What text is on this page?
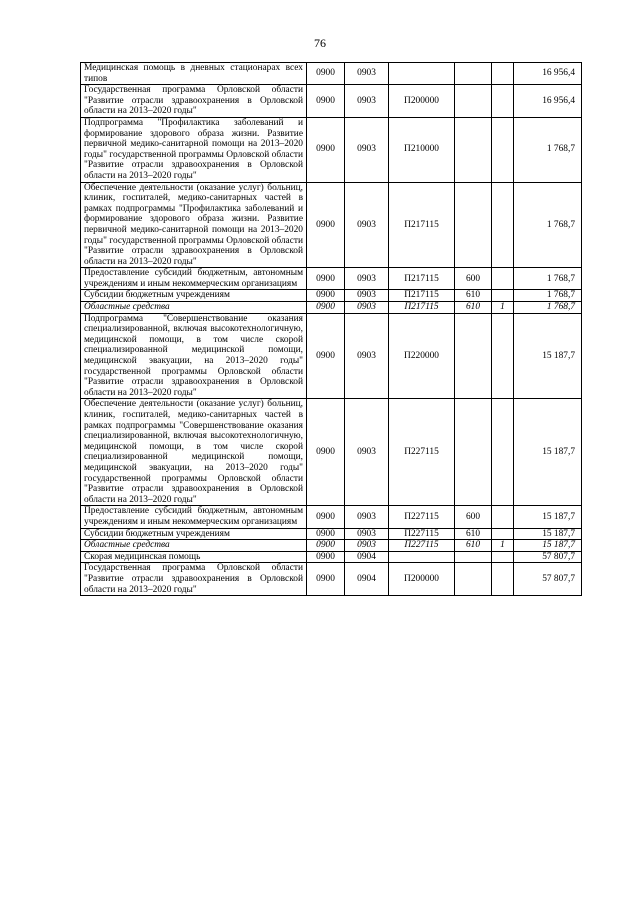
76
Медицинская помощь в дневных стационарах всех типов	0900	0903				16 956,4
Государственная программа Орловской области "Развитие отрасли здравоохранения в Орловской области на 2013–2020 годы"	0900	0903	П200000			16 956,4
Подпрограмма "Профилактика заболеваний и формирование здорового образа жизни. Развитие первичной медико-санитарной помощи на 2013–2020 годы" государственной программы Орловской области "Развитие отрасли здравоохранения в Орловской области на 2013–2020 годы"	0900	0903	П210000			1 768,7
Обеспечение деятельности (оказание услуг) больниц, клиник, госпиталей, медико-санитарных частей в рамках подпрограммы "Профилактика заболеваний и формирование здорового образа жизни. Развитие первичной медико-санитарной помощи на 2013–2020 годы" государственной программы Орловской области "Развитие отрасли здравоохранения в Орловской области на 2013–2020 годы"	0900	0903	П217115			1 768,7
Предоставление субсидий бюджетным, автономным учреждениям и иным некоммерческим организациям	0900	0903	П217115	600		1 768,7
Субсидии бюджетным учреждениям	0900	0903	П217115	610		1 768,7
Областные средства	0900	0903	П217115	610	1	1 768,7
Подпрограмма "Совершенствование оказания специализированной, включая высокотехнологичную, медицинской помощи, в том числе скорой специализированной медицинской помощи, медицинской эвакуации, на 2013–2020 годы" государственной программы Орловской области "Развитие отрасли здравоохранения в Орловской области на 2013–2020 годы"	0900	0903	П220000			15 187,7
Обеспечение деятельности (оказание услуг) больниц, клиник, госпиталей, медико-санитарных частей в рамках подпрограммы "Совершенствование оказания специализированной, включая высокотехнологичную, медицинской помощи, в том числе скорой специализированной медицинской помощи, медицинской эвакуации, на 2013–2020 годы" государственной программы Орловской области "Развитие отрасли здравоохранения в Орловской области на 2013–2020 годы"	0900	0903	П227115			15 187,7
Предоставление субсидий бюджетным, автономным учреждениям и иным некоммерческим организациям	0900	0903	П227115	600		15 187,7
Субсидии бюджетным учреждениям	0900	0903	П227115	610		15 187,7
Областные средства	0900	0903	П227115	610	1	15 187,7
Скорая медицинская помощь	0900	0904				57 807,7
Государственная программа Орловской области "Развитие отрасли здравоохранения в Орловской области на 2013–2020 годы"	0900	0904	П200000			57 807,7
